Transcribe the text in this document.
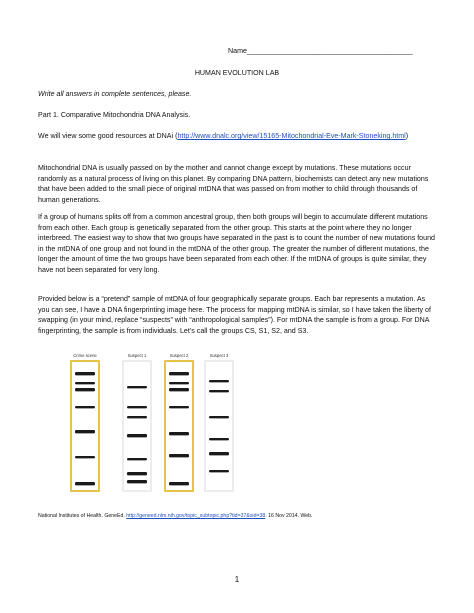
Name__________________________________________
HUMAN EVOLUTION LAB
Write all answers in complete sentences, please.
Part 1. Comparative Mitochondria DNA Analysis.
We will view some good resources at DNAi (http://www.dnalc.org/view/15165-Mitochondrial-Eve-Mark-Stoneking.html)
Mitochondrial DNA is usually passed on by the mother and cannot change except by mutations. These mutations occur randomly as a natural process of living on this planet. By comparing DNA pattern, biochemists can detect any new mutations that have been added to the small piece of original mtDNA that was passed on from mother to child through thousands of human generations.
If a group of humans splits off from a common ancestral group, then both groups will begin to accumulate different mutations from each other. Each group is genetically separated from the other group. This starts at the point where they no longer interbreed. The easiest way to show that two groups have separated in the past is to count the number of new mutations found in the mtDNA of one group and not found in the mtDNA of the other group. The greater the number of different mutations, the longer the amount of time the two groups have been separated from each other. If the mtDNA of groups is quite similar, they have not been separated for very long.
Provided below is a “pretend” sample of mtDNA of four geographically separate groups. Each bar represents a mutation. As you can see, I have a DNA fingerprinting image here. The process for mapping mtDNA is similar, so I have taken the liberty of swapping (in your mind, replace “suspects” with “anthropological samples”). For mtDNA the sample is from a group. For DNA fingerprinting, the sample is from individuals. Let’s call the groups CS, S1, S2, and S3.
Crime scene	Suspect 1	Suspect 2	Suspect 3
National Institutes of Health. GeneEd. http://geneed.nlm.nih.gov/topic_subtopic.php?tid=37&sid=38. 16 Nov 2014. Web.
1
